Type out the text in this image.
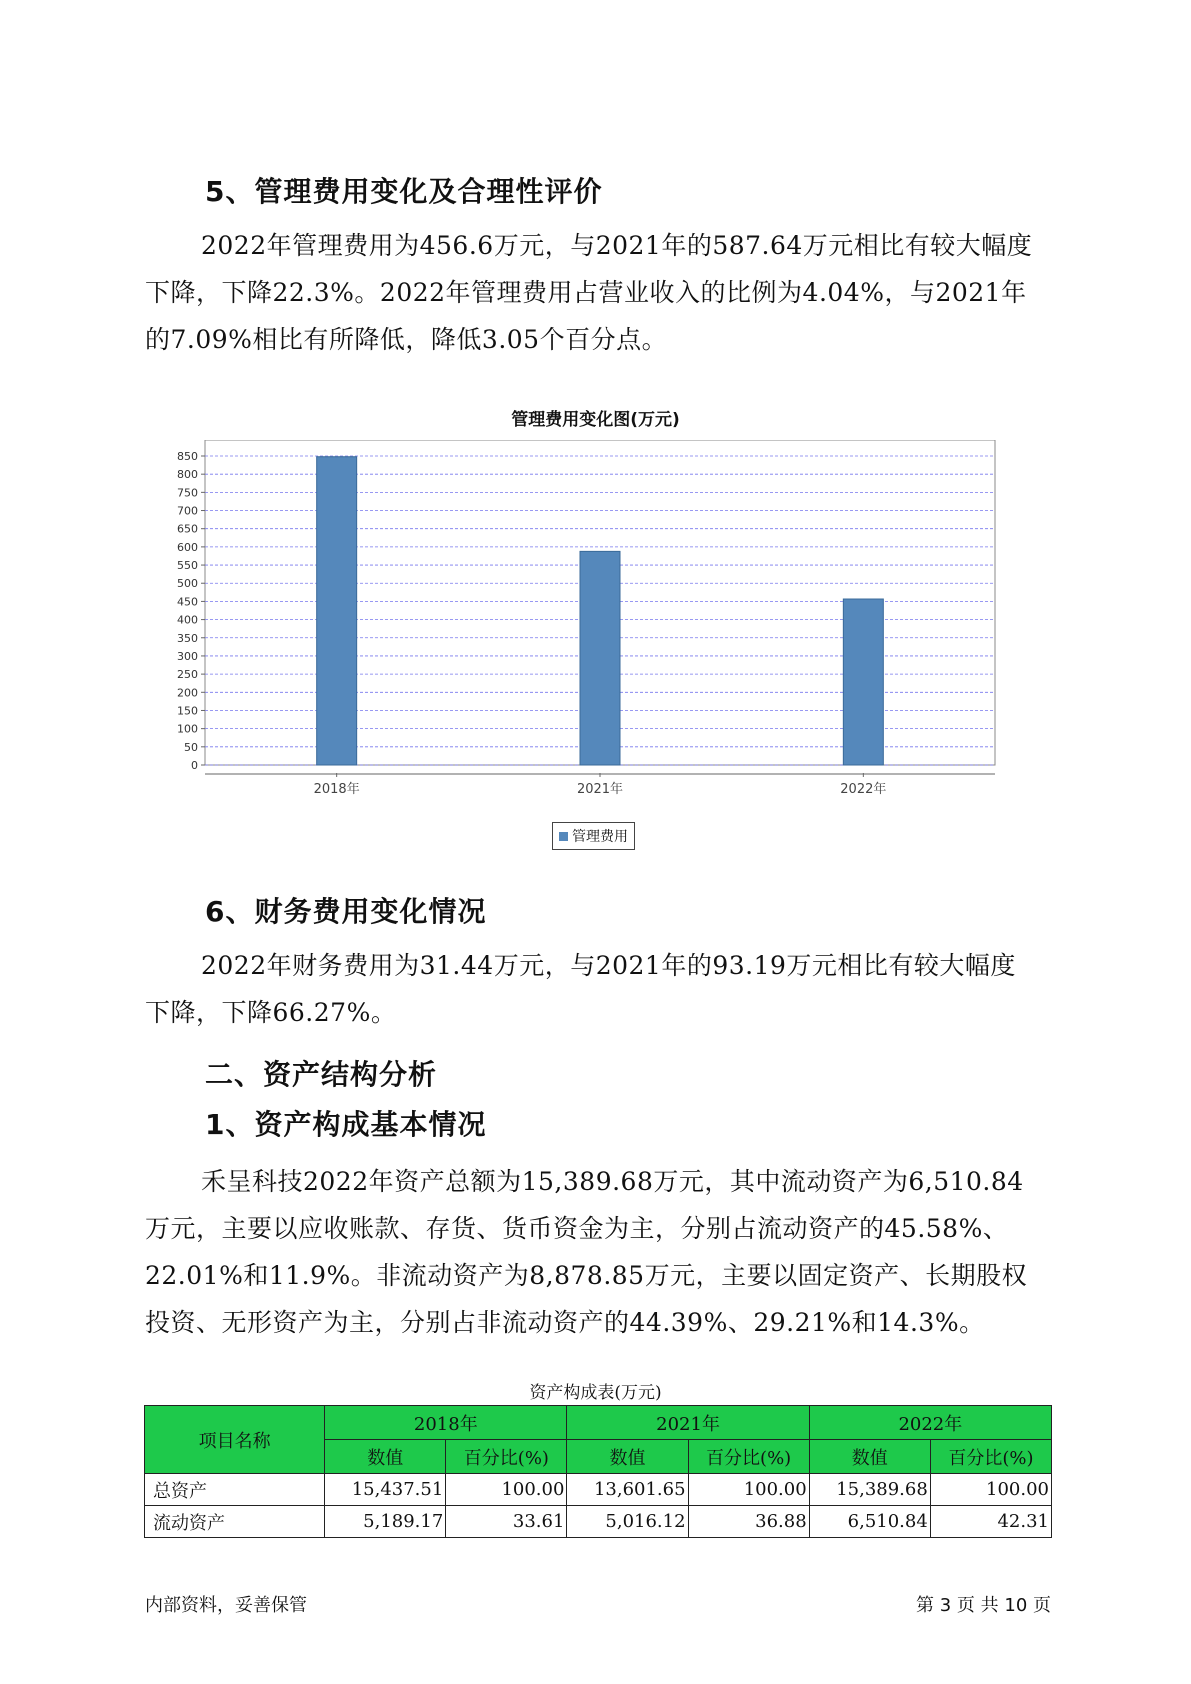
5、管理费用变化及合理性评价

2022年管理费用为456.6万元，与2021年的587.64万元相比有较大幅度

下降，下降22.3%。2022年管理费用占营业收入的比例为4.04%，与2021年

的7.09%相比有所降低，降低3.05个百分点。

管理费用变化图(万元)
0
50
100
150
200
250
300
350
400
450
500
550
600
650
700
750
800
850
2018年	2021年	2022年
管理费用
6、财务费用变化情况

2022年财务费用为31.44万元，与2021年的93.19万元相比有较大幅度

下降，下降66.27%。

二、资产结构分析
1、资产构成基本情况

禾呈科技2022年资产总额为15,389.68万元，其中流动资产为6,510.84

万元，主要以应收账款、存货、货币资金为主，分别占流动资产的45.58%、

22.01%和11.9%。非流动资产为8,878.85万元，主要以固定资产、长期股权

投资、无形资产为主，分别占非流动资产的44.39%、29.21%和14.3%。

资产构成表(万元)
项目名称	2018年		2021年		2022年	
	数值	百分比(%)	数值	百分比(%)	数值	百分比(%)
总资产	15,437.51	100.00	13,601.65	100.00	15,389.68	100.00
流动资产	5,189.17	33.61	5,016.12	36.88	6,510.84	42.31
内部资料，妥善保管	第 3 页 共 10 页
